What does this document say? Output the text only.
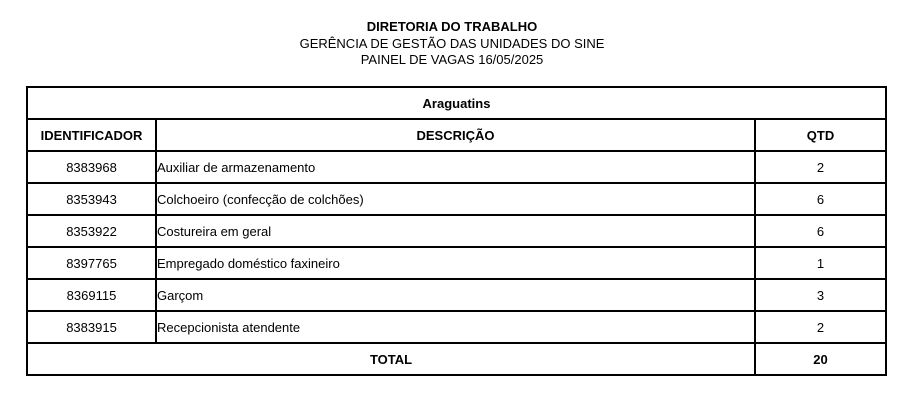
DIRETORIA DO TRABALHO
GERÊNCIA DE GESTÃO DAS UNIDADES DO SINE
PAINEL DE VAGAS 16/05/2025
Araguatins		
IDENTIFICADOR	DESCRIÇÃO	QTD
8383968	Auxiliar de armazenamento	2
8353943	Colchoeiro (confecção de colchões)	6
8353922	Costureira em geral	6
8397765	Empregado doméstico faxineiro	1
8369115	Garçom	3
8383915	Recepcionista atendente	2
TOTAL		20
